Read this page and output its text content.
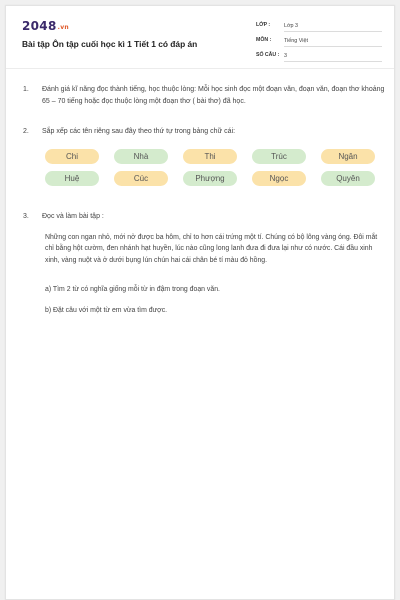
2048.vn
Bài tập Ôn tập cuối học kì 1 Tiết 1 có đáp án
LỚP :	Lớp 3
MÔN : Tiếng Việt
SỐ CÂU : 3
1. Đánh giá kĩ năng đọc thành tiếng, học thuộc lòng: Mỗi học sinh đọc một đoạn văn, đoạn văn, đoạn thơ khoảng 65 – 70 tiếng hoặc đọc thuộc lòng một đoạn thơ ( bài thơ) đã học.
2. Sắp xếp các tên riêng sau đây theo thứ tự trong bảng chữ cái:
Chi	Nhà	Thi	Trúc	Ngân
Huệ	Cúc	Phượng	Ngọc	Quyên
3. Đọc và làm bài tập :
Những con ngan nhỏ, mới nở được ba hôm, chỉ to hơn cái trứng một tí. Chúng có bộ lông vàng óng. Đôi mắt chỉ bằng hột cườm, đen nhánh hạt huyền, lúc nào cũng long lanh đưa đi đưa lại như có nước. Cái đầu xinh xinh, vàng nuột và ở dưới bụng lún chún hai cái chân bé tí màu đỏ hồng.
a) Tìm 2 từ có nghĩa giống mỗi từ in đậm trong đoạn văn.
b) Đặt câu với một từ em vừa tìm được.
